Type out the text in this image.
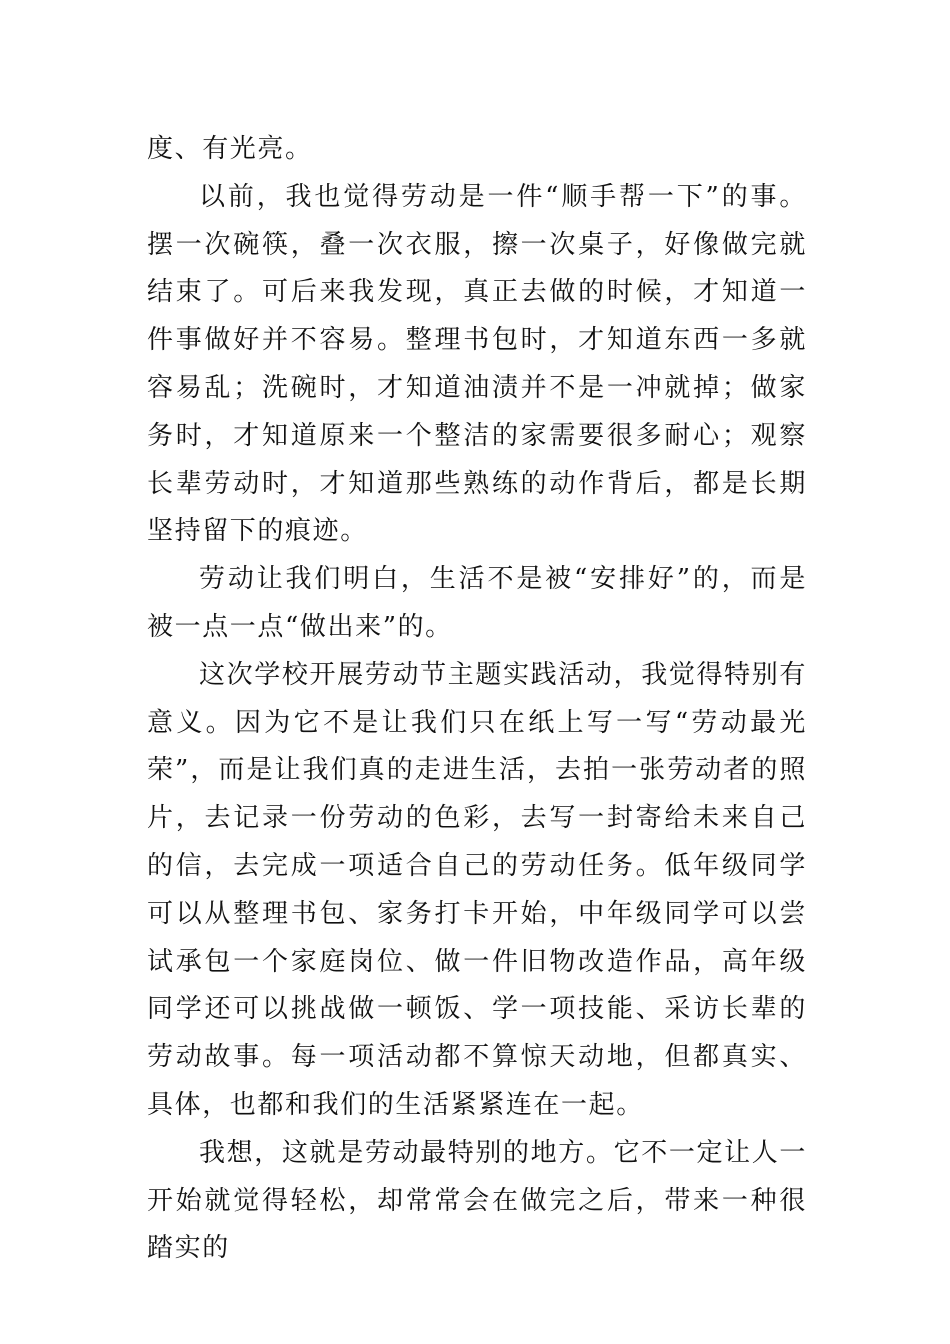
度、有光亮。

以前，我也觉得劳动是一件“顺手帮一下”的事。摆一次碗筷，叠一次衣服，擦一次桌子，好像做完就结束了。可后来我发现，真正去做的时候，才知道一件事做好并不容易。整理书包时，才知道东西一多就容易乱；洗碗时，才知道油渍并不是一冲就掉；做家务时，才知道原来一个整洁的家需要很多耐心；观察长辈劳动时，才知道那些熟练的动作背后，都是长期坚持留下的痕迹。

劳动让我们明白，生活不是被“安排好”的，而是被一点一点“做出来”的。

这次学校开展劳动节主题实践活动，我觉得特别有意义。因为它不是让我们只在纸上写一写“劳动最光荣”，而是让我们真的走进生活，去拍一张劳动者的照片，去记录一份劳动的色彩，去写一封寄给未来自己的信，去完成一项适合自己的劳动任务。低年级同学可以从整理书包、家务打卡开始，中年级同学可以尝试承包一个家庭岗位、做一件旧物改造作品，高年级同学还可以挑战做一顿饭、学一项技能、采访长辈的劳动故事。每一项活动都不算惊天动地，但都真实、具体，也都和我们的生活紧紧连在一起。

我想，这就是劳动最特别的地方。它不一定让人一开始就觉得轻松，却常常会在做完之后，带来一种很踏实的
